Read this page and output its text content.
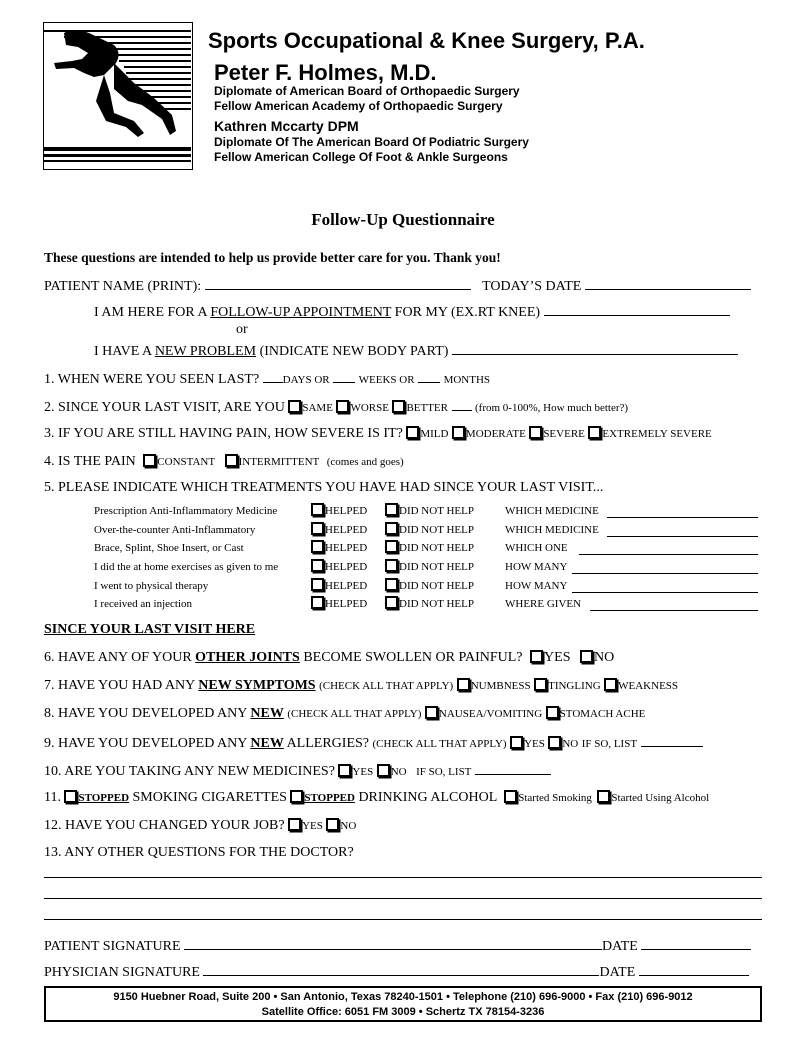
Sports Occupational & Knee Surgery, P.A.
Peter F. Holmes, M.D.
Diplomate of American Board of Orthopaedic Surgery
Fellow American Academy of Orthopaedic Surgery
Kathren Mccarty DPM
Diplomate Of The American Board Of Podiatric Surgery
Fellow American College Of Foot & Ankle Surgeons
Follow-Up Questionnaire
These questions are intended to help us provide better care for you. Thank you!
PATIENT NAME (PRINT):	TODAY’S DATE
I AM HERE FOR A FOLLOW-UP APPOINTMENT FOR MY (EX.RT KNEE)
or
I HAVE A NEW PROBLEM (INDICATE NEW BODY PART)
1. WHEN WERE YOU SEEN LAST? DAYS OR	WEEKS OR	MONTHS
2. SINCE YOUR LAST VISIT, ARE YOU SAME WORSE BETTER (from 0-100%, How much better?)
3. IF YOU ARE STILL HAVING PAIN, HOW SEVERE IS IT? MILD MODERATE SEVERE EXTREMELY SEVERE
4. IS THE PAIN CONSTANT INTERMITTENT (comes and goes)
5. PLEASE INDICATE WHICH TREATMENTS YOU HAVE HAD SINCE YOUR LAST VISIT...
Prescription Anti-Inflammatory Medicine	HELPED	DID NOT HELP	WHICH MEDICINE
Over-the-counter Anti-Inflammatory	HELPED	DID NOT HELP	WHICH MEDICINE
Brace, Splint, Shoe Insert, or Cast	HELPED	DID NOT HELP	WHICH ONE
I did the at home exercises as given to me	HELPED	DID NOT HELP	HOW MANY
I went to physical therapy	HELPED	DID NOT HELP	HOW MANY
I received an injection	HELPED	DID NOT HELP	WHERE GIVEN
SINCE YOUR LAST VISIT HERE
6. HAVE ANY OF YOUR OTHER JOINTS BECOME SWOLLEN OR PAINFUL? YES NO
7. HAVE YOU HAD ANY NEW SYMPTOMS (CHECK ALL THAT APPLY) NUMBNESS TINGLING WEAKNESS
8. HAVE YOU DEVELOPED ANY NEW (CHECK ALL THAT APPLY) NAUSEA/VOMITING STOMACH ACHE
9. HAVE YOU DEVELOPED ANY NEW ALLERGIES? (CHECK ALL THAT APPLY) YES NO IF SO, LIST
10. ARE YOU TAKING ANY NEW MEDICINES? YES NO IF SO, LIST
11. STOPPED SMOKING CIGARETTES STOPPED DRINKING ALCOHOL Started Smoking Started Using Alcohol
12. HAVE YOU CHANGED YOUR JOB? YES NO
13. ANY OTHER QUESTIONS FOR THE DOCTOR?
PATIENT SIGNATURE	DATE
PHYSICIAN SIGNATURE	DATE
9150 Huebner Road, Suite 200 • San Antonio, Texas 78240-1501 • Telephone (210) 696-9000 • Fax (210) 696-9012
Satellite Office: 6051 FM 3009 • Schertz TX 78154-3236
